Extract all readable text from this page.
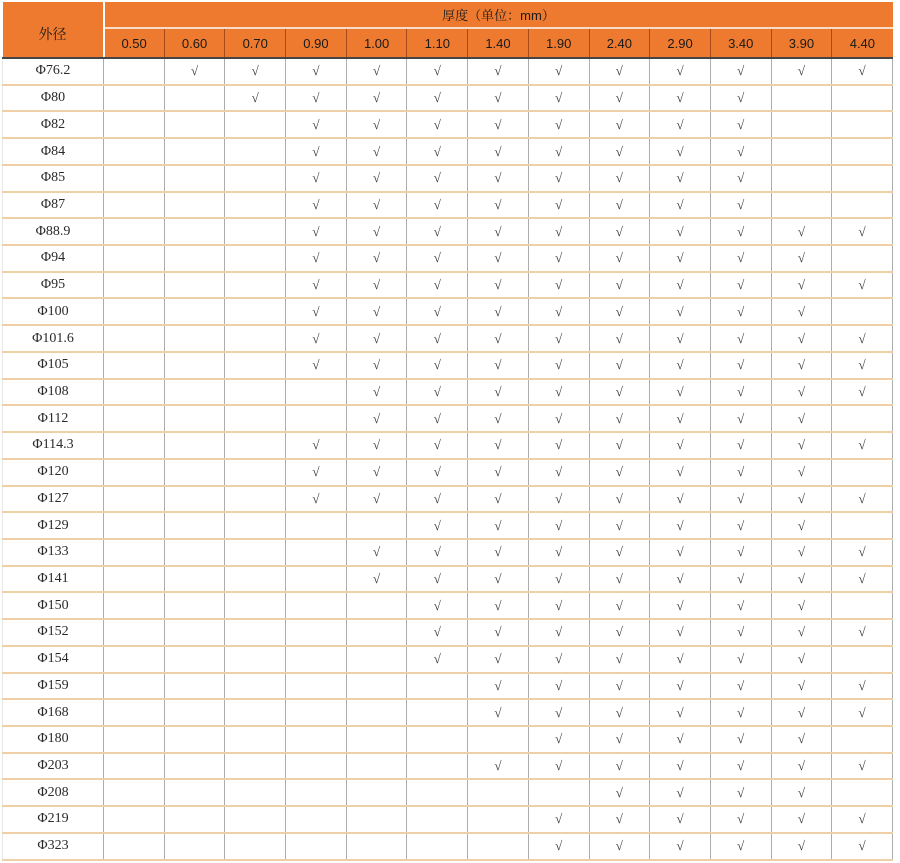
外径	厚度（单位：mm）												
	0.50	0.60	0.70	0.90	1.00	1.10	1.40	1.90	2.40	2.90	3.40	3.90	4.40
Φ76.2		√	√	√	√	√	√	√	√	√	√	√	√
Φ80			√	√	√	√	√	√	√	√	√		
Φ82				√	√	√	√	√	√	√	√		
Φ84				√	√	√	√	√	√	√	√		
Φ85				√	√	√	√	√	√	√	√		
Φ87				√	√	√	√	√	√	√	√		
Φ88.9				√	√	√	√	√	√	√	√	√	√
Φ94				√	√	√	√	√	√	√	√	√	
Φ95				√	√	√	√	√	√	√	√	√	√
Φ100				√	√	√	√	√	√	√	√	√	
Φ101.6				√	√	√	√	√	√	√	√	√	√
Φ105				√	√	√	√	√	√	√	√	√	√
Φ108					√	√	√	√	√	√	√	√	√
Φ112					√	√	√	√	√	√	√	√	
Φ114.3				√	√	√	√	√	√	√	√	√	√
Φ120				√	√	√	√	√	√	√	√	√	
Φ127				√	√	√	√	√	√	√	√	√	√
Φ129						√	√	√	√	√	√	√	
Φ133					√	√	√	√	√	√	√	√	√
Φ141					√	√	√	√	√	√	√	√	√
Φ150						√	√	√	√	√	√	√	
Φ152						√	√	√	√	√	√	√	√
Φ154						√	√	√	√	√	√	√	
Φ159							√	√	√	√	√	√	√
Φ168							√	√	√	√	√	√	√
Φ180								√	√	√	√	√	
Φ203							√	√	√	√	√	√	√
Φ208									√	√	√	√	
Φ219								√	√	√	√	√	√
Φ323								√	√	√	√	√	√
